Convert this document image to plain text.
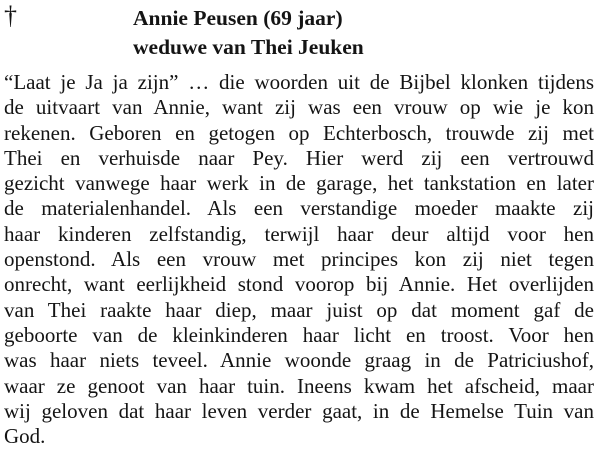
†	Annie Peusen (69 jaar)
weduwe van Thei Jeuken
“Laat je Ja ja zijn” … die woorden uit de Bijbel klonken tijdens
de uitvaart van Annie, want zij was een vrouw op wie je kon
rekenen. Geboren en getogen op Echterbosch, trouwde zij met
Thei en verhuisde naar Pey. Hier werd zij een vertrouwd
gezicht vanwege haar werk in de garage, het tankstation en later
de materialenhandel. Als een verstandige moeder maakte zij
haar kinderen zelfstandig, terwijl haar deur altijd voor hen
openstond. Als een vrouw met principes kon zij niet tegen
onrecht, want eerlijkheid stond voorop bij Annie. Het overlijden
van Thei raakte haar diep, maar juist op dat moment gaf de
geboorte van de kleinkinderen haar licht en troost. Voor hen
was haar niets teveel. Annie woonde graag in de Patriciushof,
waar ze genoot van haar tuin. Ineens kwam het afscheid, maar
wij geloven dat haar leven verder gaat, in de Hemelse Tuin van
God.
